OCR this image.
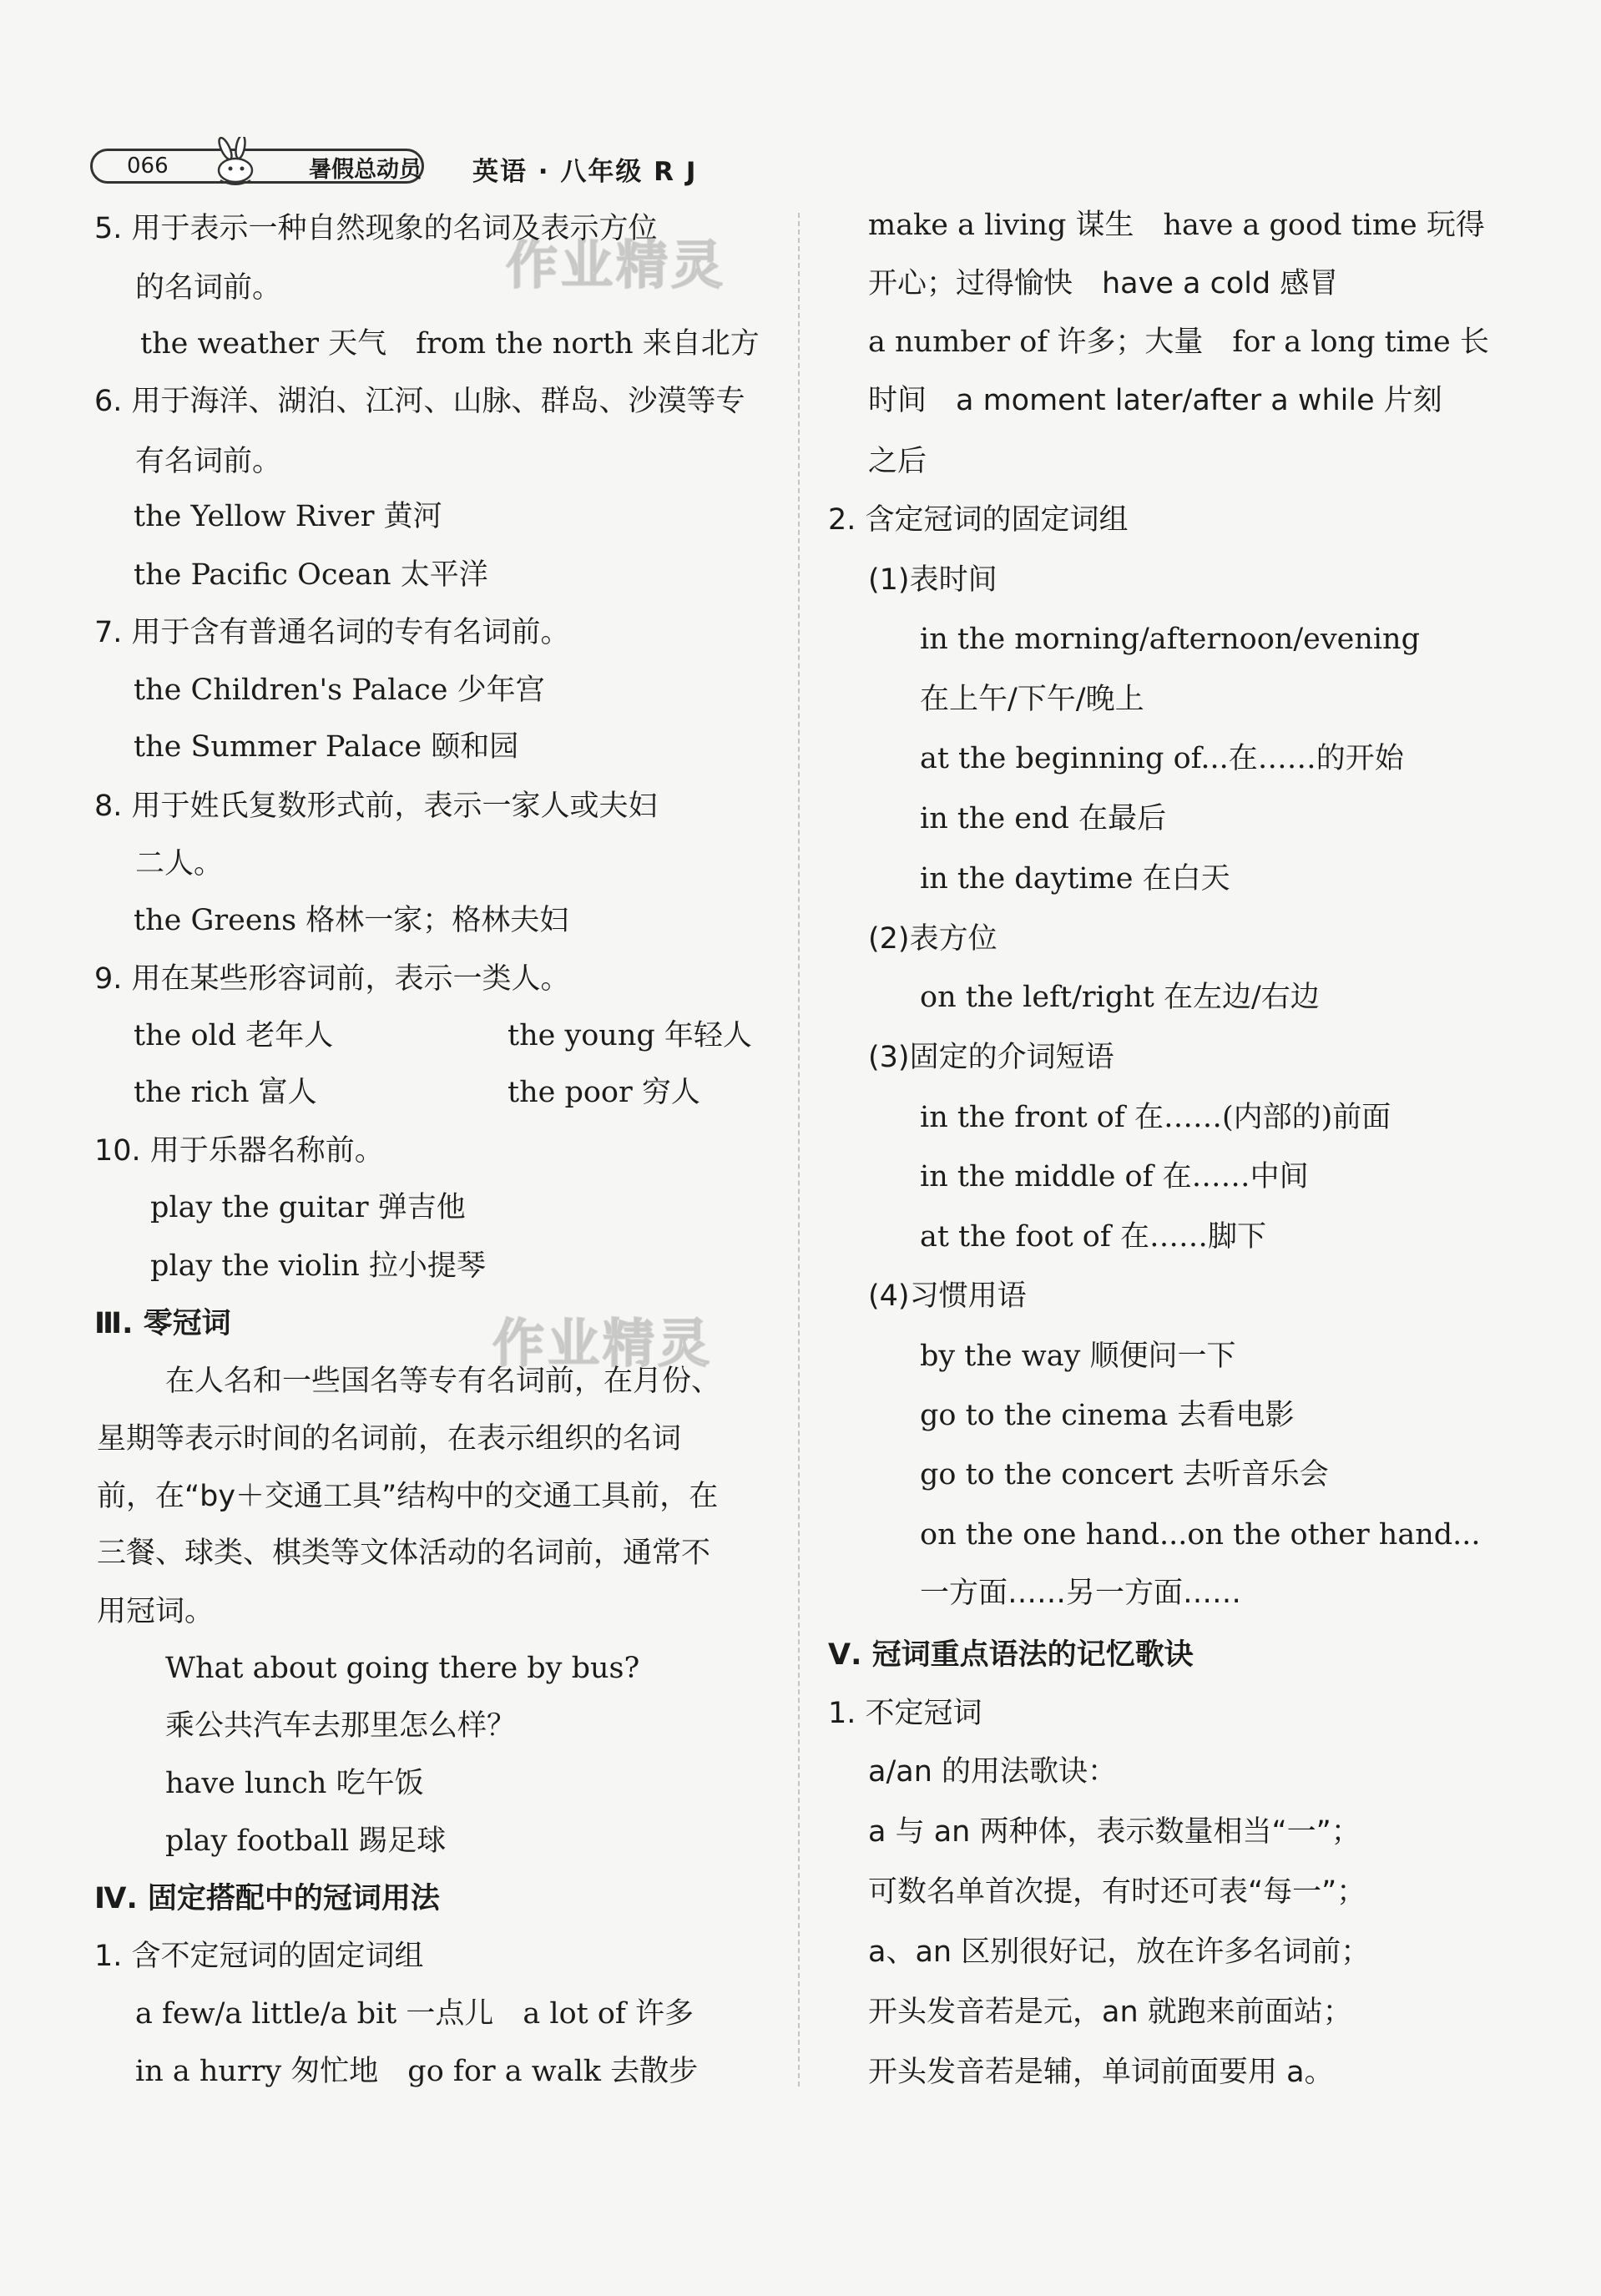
066	暑假总动员 英语 · 八年级 R J
作业精灵
作业精灵
5. 用于表示一种自然现象的名词及表示方位
的名词前。
the weather 天气　from the north 来自北方
6. 用于海洋、湖泊、江河、山脉、群岛、沙漠等专
有名词前。
the Yellow River 黄河
the Pacific Ocean 太平洋
7. 用于含有普通名词的专有名词前。
the Children's Palace 少年宫
the Summer Palace 颐和园
8. 用于姓氏复数形式前，表示一家人或夫妇
二人。
the Greens 格林一家；格林夫妇
9. 用在某些形容词前，表示一类人。
the old 老年人	the young 年轻人
the rich 富人	the poor 穷人
10. 用于乐器名称前。
play the guitar 弹吉他
play the violin 拉小提琴
Ⅲ. 零冠词
在人名和一些国名等专有名词前，在月份、
星期等表示时间的名词前，在表示组织的名词
前，在“by＋交通工具”结构中的交通工具前，在
三餐、球类、棋类等文体活动的名词前，通常不
用冠词。
What about going there by bus?
乘公共汽车去那里怎么样？
have lunch 吃午饭
play football 踢足球
Ⅳ. 固定搭配中的冠词用法
1. 含不定冠词的固定词组
a few/a little/a bit 一点儿　a lot of 许多
in a hurry 匆忙地　go for a walk 去散步
make a living 谋生　have a good time 玩得
开心；过得愉快　have a cold 感冒
a number of 许多；大量　for a long time 长
时间　a moment later/after a while 片刻
之后
2. 含定冠词的固定词组
(1)表时间
in the morning/afternoon/evening
在上午/下午/晚上
at the beginning of...在……的开始
in the end 在最后
in the daytime 在白天
(2)表方位
on the left/right 在左边/右边
(3)固定的介词短语
in the front of 在……(内部的)前面
in the middle of 在……中间
at the foot of 在……脚下
(4)习惯用语
by the way 顺便问一下
go to the cinema 去看电影
go to the concert 去听音乐会
on the one hand...on the other hand...
一方面……另一方面……
Ⅴ. 冠词重点语法的记忆歌诀
1. 不定冠词
a/an 的用法歌诀：
a 与 an 两种体，表示数量相当“一”；
可数名单首次提，有时还可表“每一”；
a、an 区别很好记，放在许多名词前；
开头发音若是元，an 就跑来前面站；
开头发音若是辅，单词前面要用 a。
